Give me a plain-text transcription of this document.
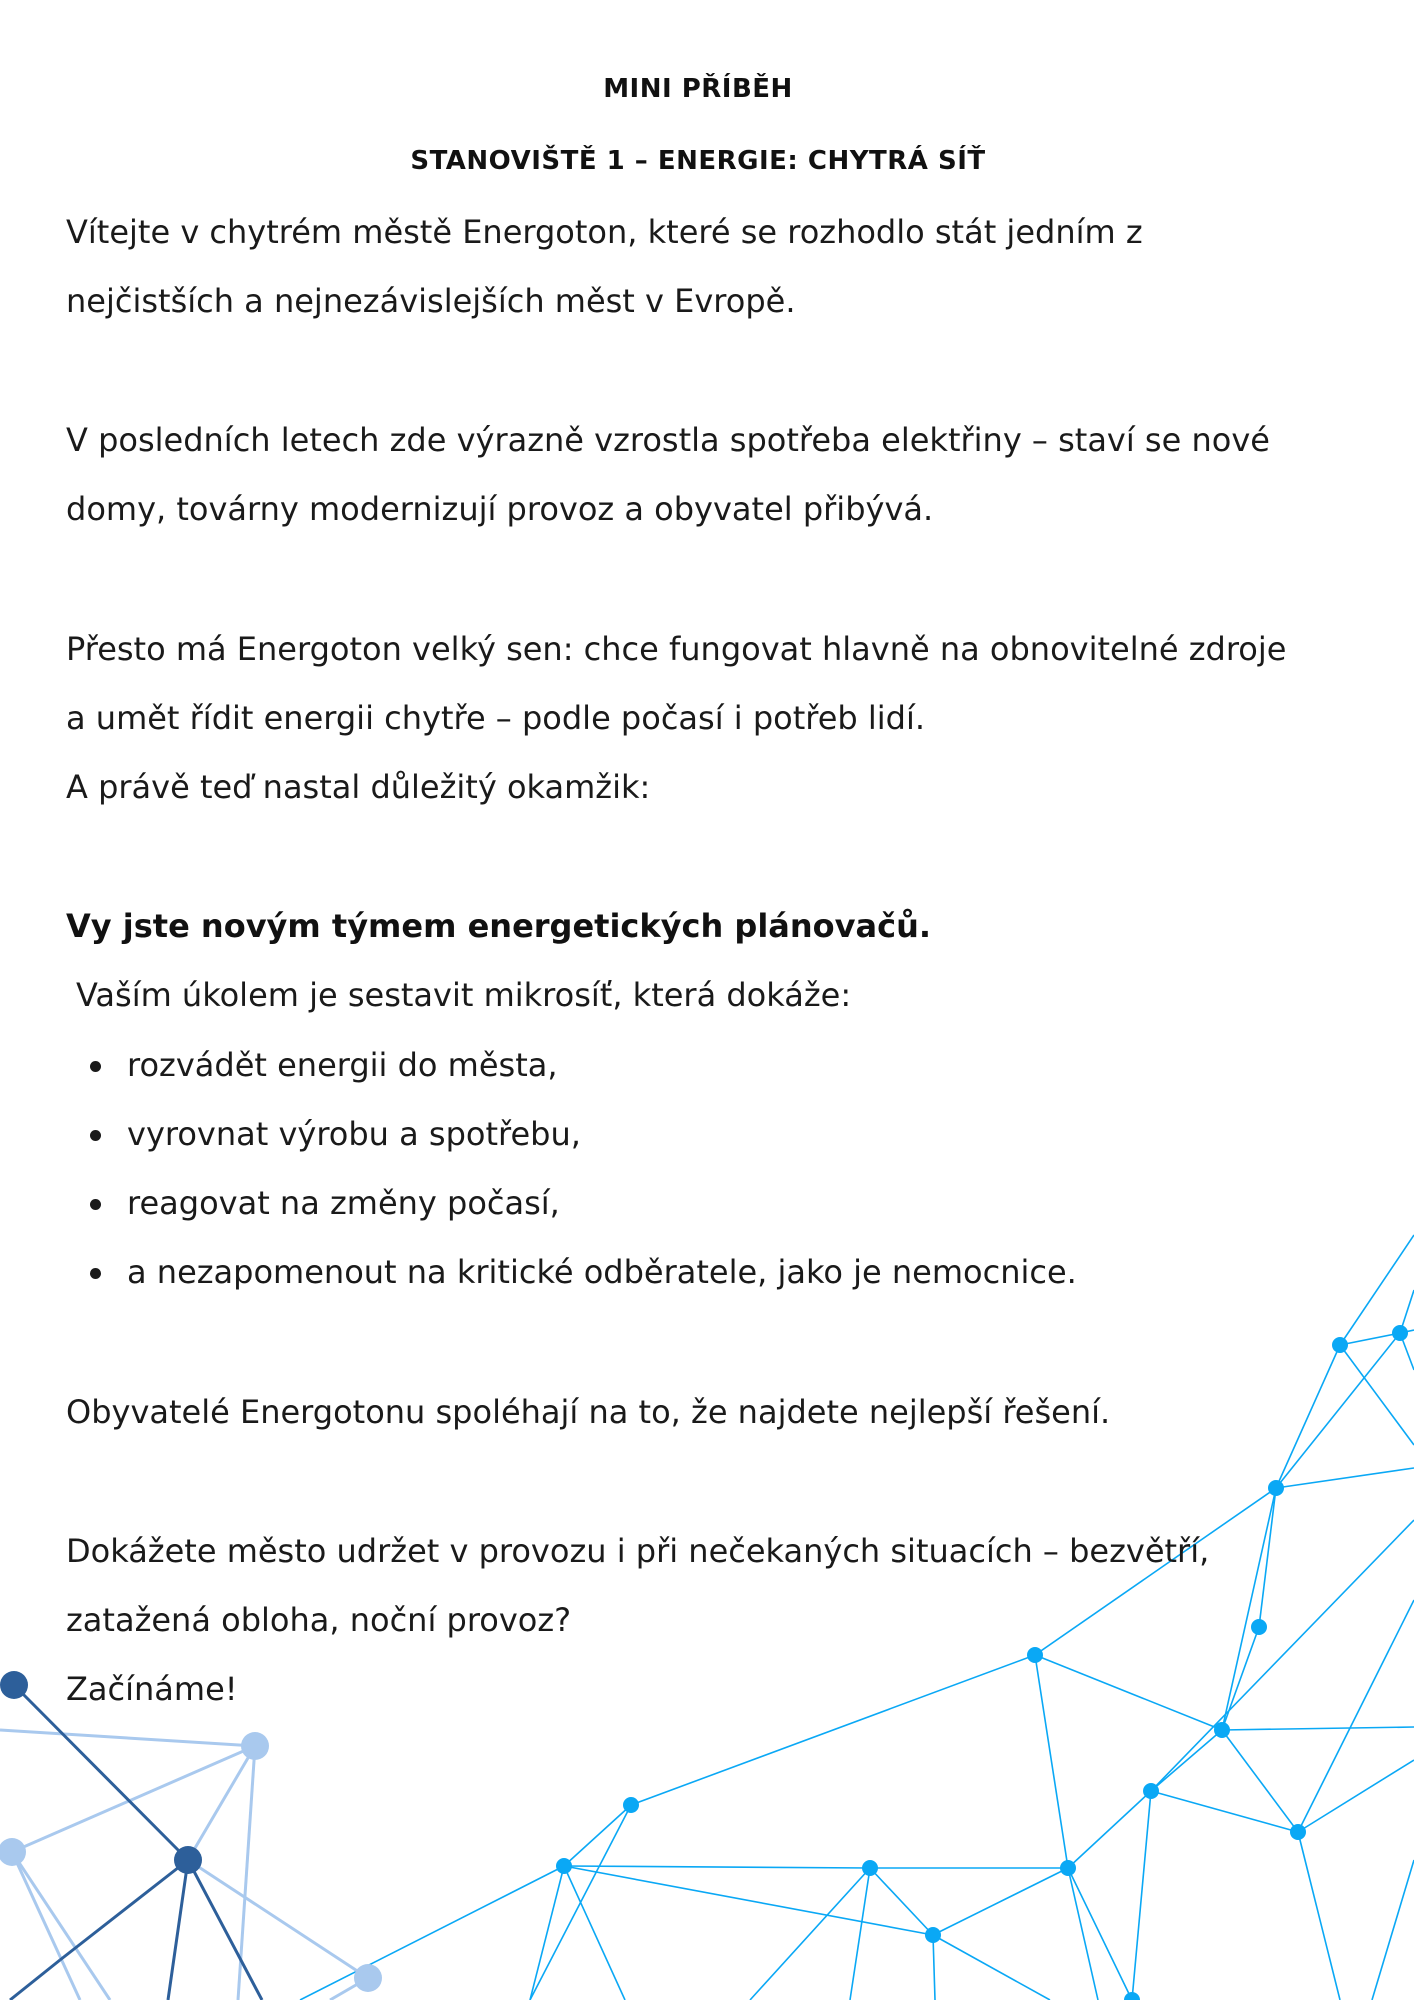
MINI PŘÍBĚH
STANOVIŠTĚ 1 – ENERGIE: CHYTRÁ SÍŤ
Vítejte v chytrém městě Energoton, které se rozhodlo stát jedním z
nejčistších a nejnezávislejších měst v Evropě.
V posledních letech zde výrazně vzrostla spotřeba elektřiny – staví se nové
domy, továrny modernizují provoz a obyvatel přibývá.
Přesto má Energoton velký sen: chce fungovat hlavně na obnovitelné zdroje
a umět řídit energii chytře – podle počasí i potřeb lidí.
A právě teď nastal důležitý okamžik:
Vy jste novým týmem energetických plánovačů.
Vaším úkolem je sestavit mikrosíť, která dokáže:
rozvádět energii do města,
vyrovnat výrobu a spotřebu,
reagovat na změny počasí,
a nezapomenout na kritické odběratele, jako je nemocnice.
Obyvatelé Energotonu spoléhají na to, že najdete nejlepší řešení.
Dokážete město udržet v provozu i při nečekaných situacích – bezvětří,
zatažená obloha, noční provoz?
Začínáme!
